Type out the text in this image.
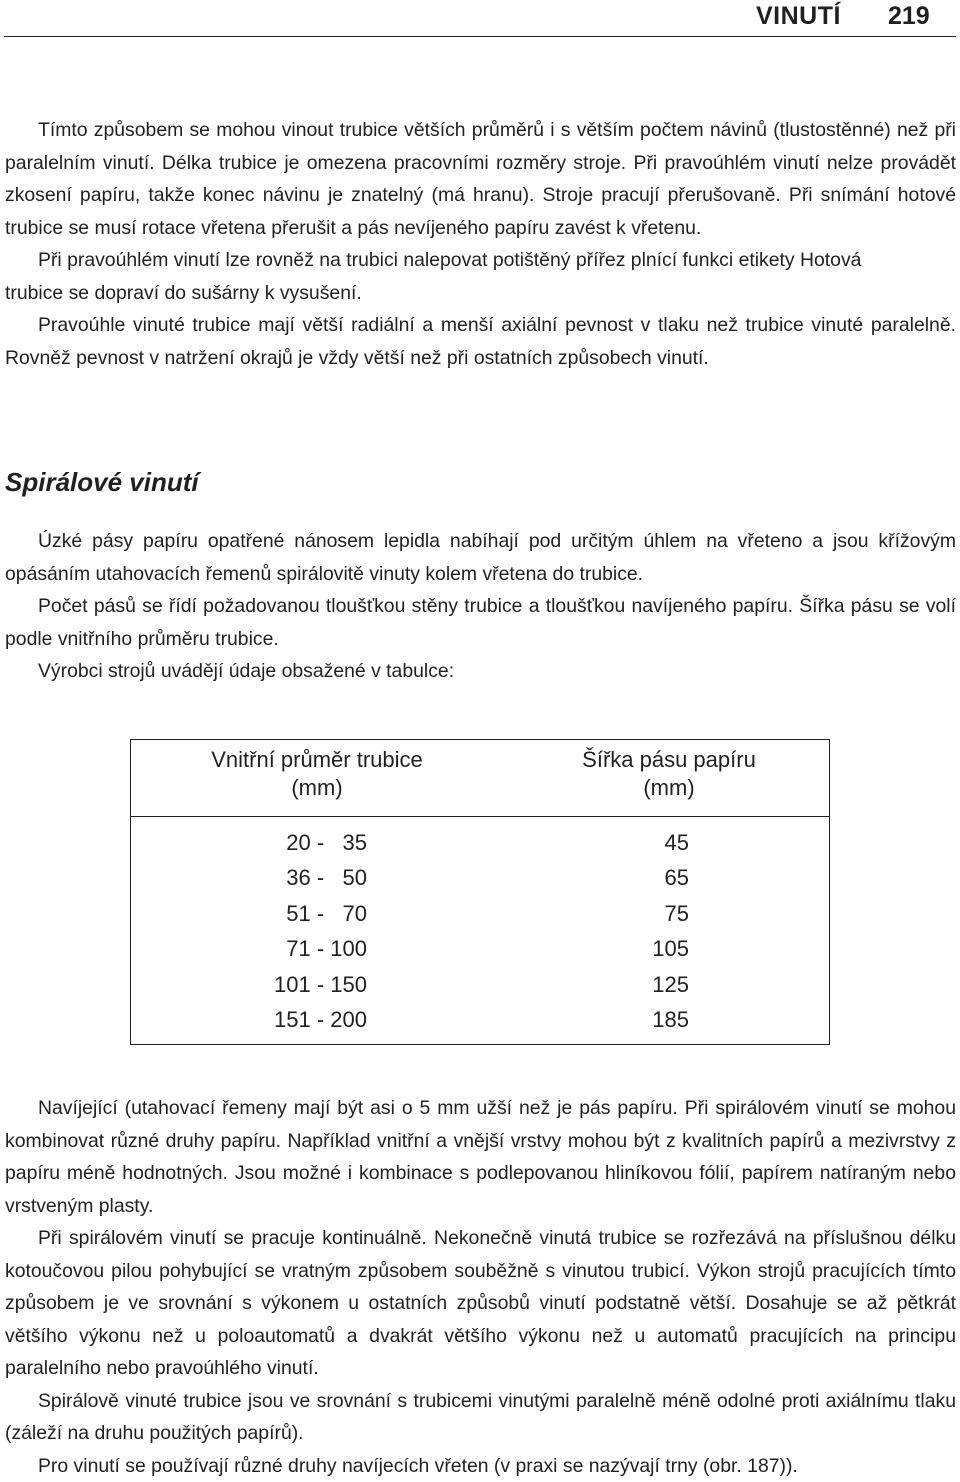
VINUTÍ 219

Tímto způsobem se mohou vinout trubice větších průměrů i s větším počtem návinů (tlustostěnné) než při paralelním vinutí. Délka trubice je omezena pracovními rozměry stroje. Při pravoúhlém vinutí nelze provádět zkosení papíru, takže konec návinu je znatelný (má hranu). Stroje pracují přerušovaně. Při snímání hotové trubice se musí rotace vřetena přerušit a pás nevíjeného papíru zavést k vřetenu.

Při pravoúhlém vinutí lze rovněž na trubici nalepovat potištěný přířez plnící funkci etikety Hotová trubice se dopraví do sušárny k vysušení.

Pravoúhle vinuté trubice mají větší radiální a menší axiální pevnost v tlaku než trubice vinuté paralelně. Rovněž pevnost v natržení okrajů je vždy větší než při ostatních způsobech vinutí.

Spirálové vinutí

Úzké pásy papíru opatřené nánosem lepidla nabíhají pod určitým úhlem na vřeteno a jsou křížovým opásáním utahovacích řemenů spirálovitě vinuty kolem vřetena do trubice.

Počet pásů se řídí požadovanou tloušťkou stěny trubice a tloušťkou navíjeného papíru. Šířka pásu se volí podle vnitřního průměru trubice.

Výrobci strojů uvádějí údaje obsažené v tabulce:

Vnitřní průměr trubice
(mm)
Šířka pásu papíru
(mm)
20 -   35	45
36 -   50	65
51 -   70	75
71 - 100	105
101 - 150	125
151 - 200	185

Navíjející (utahovací řemeny mají být asi o 5 mm užší než je pás papíru. Při spirálovém vinutí se mohou kombinovat různé druhy papíru. Například vnitřní a vnější vrstvy mohou být z kvalitních papírů a mezivrstvy z papíru méně hodnotných. Jsou možné i kombinace s podlepovanou hliníkovou fólií, papírem natíraným nebo vrstveným plasty.

Při spirálovém vinutí se pracuje kontinuálně. Nekonečně vinutá trubice se rozřezává na příslušnou délku kotoučovou pilou pohybující se vratným způsobem souběžně s vinutou trubicí. Výkon strojů pracujících tímto způsobem je ve srovnání s výkonem u ostatních způsobů vinutí podstatně větší. Dosahuje se až pětkrát většího výkonu než u poloautomatů a dvakrát většího výkonu než u automatů pracujících na principu paralelního nebo pravoúhlého vinutí.

Spirálově vinuté trubice jsou ve srovnání s trubicemi vinutými paralelně méně odolné proti axiálnímu tlaku (záleží na druhu použitých papírů).

Pro vinutí se používají různé druhy navíjecích vřeten (v praxi se nazývají trny (obr. 187)).
